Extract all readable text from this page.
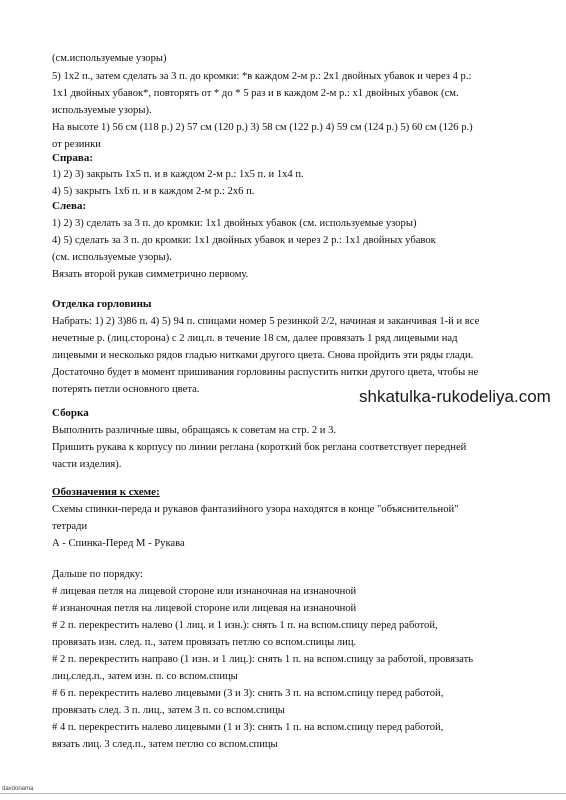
(см.используемые узоры)
5) 1х2 п., затем сделать за 3 п. до кромки: *в каждом 2-м р.: 2х1 двойных убавок и через 4 р.:
1х1 двойных убавок*, повторять от * до * 5 раз и в каждом 2-м р.: х1 двойных убавок (см.
используемые узоры).
На высоте 1) 56 см (118 р.) 2) 57 см (120 р.) 3) 58 см (122 р.) 4) 59 см (124 р.) 5) 60 см (126 р.)
от резинки
Справа:
1) 2) 3) закрыть 1х5 п. и в каждом 2-м р.: 1х5 п. и 1х4 п.
4) 5) закрыть 1х6 п. и в каждом 2-м р.: 2х6 п.
Слева:
1) 2) 3) сделать за 3 п. до кромки: 1х1 двойных убавок (см. используемые узоры)
4) 5) сделать за 3 п. до кромки: 1х1 двойных убавок и через 2 р.: 1х1 двойных убавок
(см. используемые узоры).
Вязать второй рукав симметрично первому.
Отделка горловины
Набрать: 1) 2) 3)86 п. 4) 5) 94 п. спицами номер 5 резинкой 2/2, начиная и заканчивая 1-й и все
нечетные р. (лиц.сторона) с 2 лиц.п. в течение 18 см, далее провязать 1 ряд лицевыми над
лицевыми и несколько рядов гладью нитками другого цвета. Снова пройдить эти ряды глади.
Достаточно будет в момент пришивания горловины распустить нитки другого цвета, чтобы не
потерять петли основного цвета.
Сборка
Выполнить различные швы, обращаясь к советам на стр. 2 и 3.
Пришить рукава к корпусу по линии реглана (короткий бок реглана соответствует передней
части изделия).
Обозначения к схеме:
Схемы спинки-переда и рукавов фантазийного узора находятся в конце "объяснительной"
тетради
А - Спинка-Перед М - Рукава
Дальше по порядку:
# лицевая петля на лицевой стороне или изнаночная на изнаночной
# изнаночная петля на лицевой стороне или лицевая на изнаночной
# 2 п. перекрестить налево (1 лиц. и 1 изн.): снять 1 п. на вспом.спицу перед работой,
провязать изн. след. п., затем провязать петлю со вспом.спицы лиц.
# 2 п. перекрестить направо (1 изн. и 1 лиц.): снять 1 п. на вспом.спицу за работой, провязать
лиц.след.п., затем изн. п. со вспом.спицы
# 6 п. перекрестить налево лицевыми (3 и 3): снять 3 п. на вспом.спицу перед работой,
провязать след. 3 п. лиц., затем 3 п. со вспом.спицы
# 4 п. перекрестить налево лицевыми (1 и 3): снять 1 п. на вспом.спицу перед работой,
вязать лиц. 3 след.п., затем петлю со вспом.спицы
shkatulka-rukodeliya.com
davdonama
